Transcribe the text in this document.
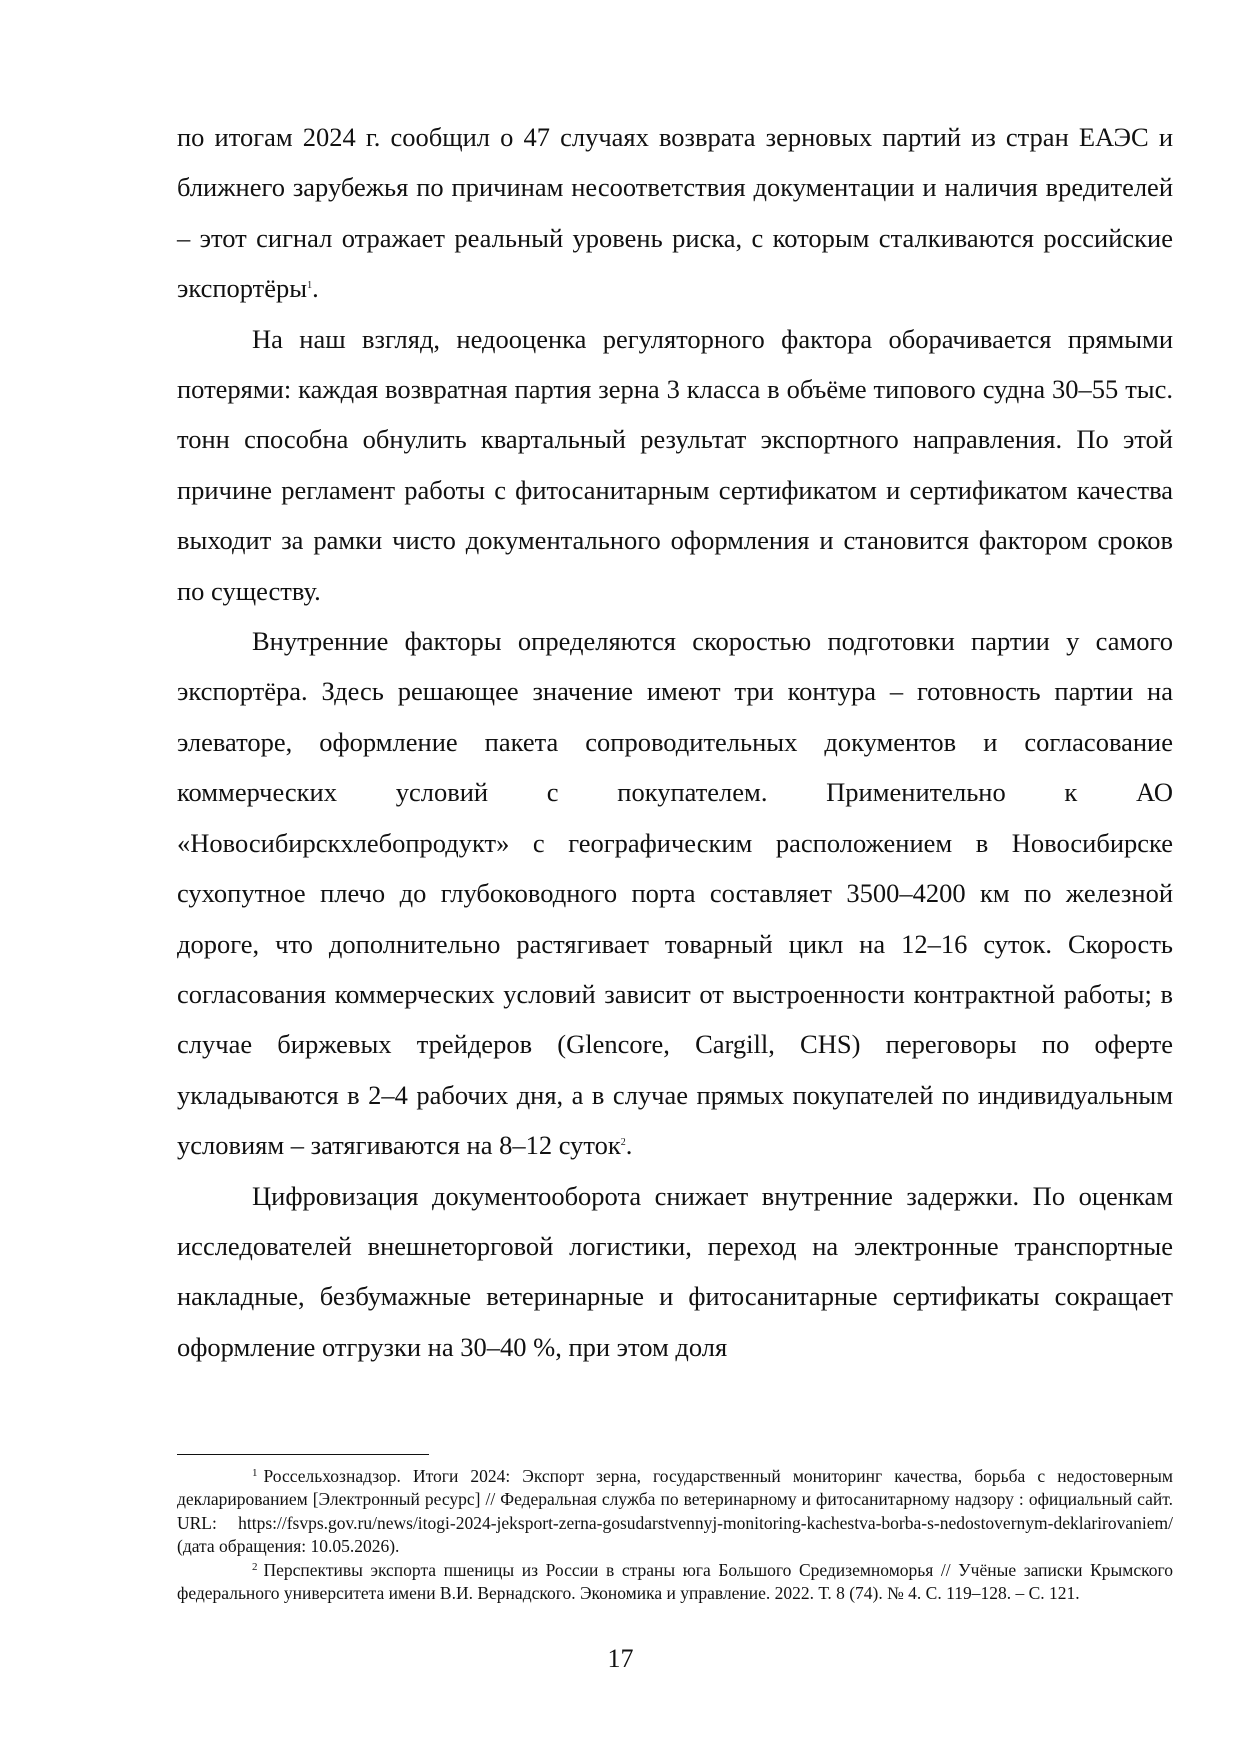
по итогам 2024 г. сообщил о 47 случаях возврата зерновых партий из стран ЕАЭС и ближнего зарубежья по причинам несоответствия документации и наличия вредителей – этот сигнал отражает реальный уровень риска, с которым сталкиваются российские экспортёры$^1$.

На наш взгляд, недооценка регуляторного фактора оборачивается прямыми потерями: каждая возвратная партия зерна 3 класса в объёме типового судна 30–55 тыс. тонн способна обнулить квартальный результат экспортного направления. По этой причине регламент работы с фитосанитарным сертификатом и сертификатом качества выходит за рамки чисто документального оформления и становится фактором сроков по существу.

Внутренние факторы определяются скоростью подготовки партии у самого экспортёра. Здесь решающее значение имеют три контура – готовность партии на элеваторе, оформление пакета сопроводительных документов и согласование коммерческих условий с покупателем. Применительно к АО «Новосибирскхлебопродукт» с географическим расположением в Новосибирске сухопутное плечо до глубоководного порта составляет 3500–4200 км по железной дороге, что дополнительно растягивает товарный цикл на 12–16 суток. Скорость согласования коммерческих условий зависит от выстроенности контрактной работы; в случае биржевых трейдеров (Glencore, Cargill, CHS) переговоры по оферте укладываются в 2–4 рабочих дня, а в случае прямых покупателей по индивидуальным условиям – затягиваются на 8–12 суток$^2$.

Цифровизация документооборота снижает внутренние задержки. По оценкам исследователей внешнеторговой логистики, переход на электронные транспортные накладные, безбумажные ветеринарные и фитосанитарные сертификаты сокращает оформление отгрузки на 30–40 %, при этом доля

$^1$ Россельхознадзор. Итоги 2024: Экспорт зерна, государственный мониторинг качества, борьба с недостоверным декларированием [Электронный ресурс] // Федеральная служба по ветеринарному и фитосанитарному надзору : официальный сайт. URL: https://fsvps.gov.ru/news/itogi-2024-jeksport-zerna-gosudarstvennyj-monitoring-kachestva-borba-s-nedostovernym-deklarirovaniem/ (дата обращения: 10.05.2026).

$^2$ Перспективы экспорта пшеницы из России в страны юга Большого Средиземноморья // Учёные записки Крымского федерального университета имени В.И. Вернадского. Экономика и управление. 2022. Т. 8 (74). № 4. С. 119–128. – С. 121.

17
